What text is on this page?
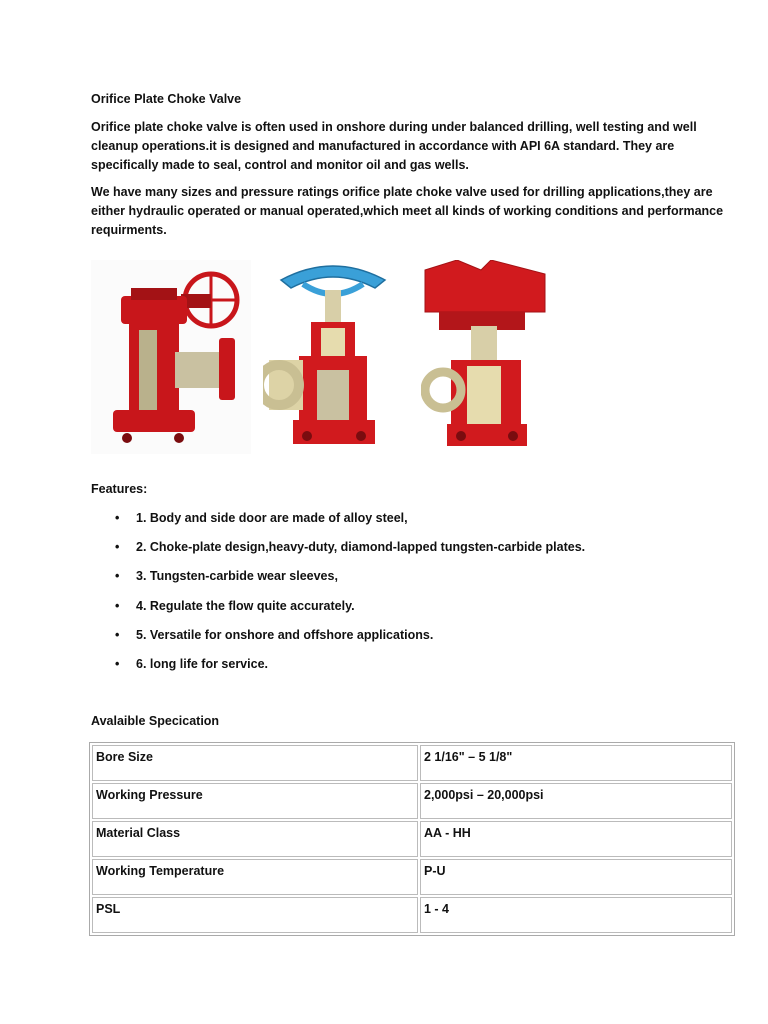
Orifice Plate Choke Valve

Orifice plate choke valve is often used in onshore during under balanced drilling, well testing and well cleanup operations.it is designed and manufactured in accordance with API 6A standard. They are specifically made to seal, control and monitor oil and gas wells.

We have many sizes and pressure ratings orifice plate choke valve used for drilling applications,they are either hydraulic operated or manual operated,which meet all kinds of working conditions and performance requirments.

Features:
• 1. Body and side door are made of alloy steel,
• 2. Choke-plate design,heavy-duty, diamond-lapped tungsten-carbide plates.
• 3. Tungsten-carbide wear sleeves,
• 4. Regulate the flow quite accurately.
• 5. Versatile for onshore and offshore applications.
• 6. long life for service.
Avalaible Specication
Bore Size	2 1/16" – 5 1/8"
Working Pressure	2,000psi – 20,000psi
Material Class	AA - HH
Working Temperature	P-U
PSL	1 - 4
